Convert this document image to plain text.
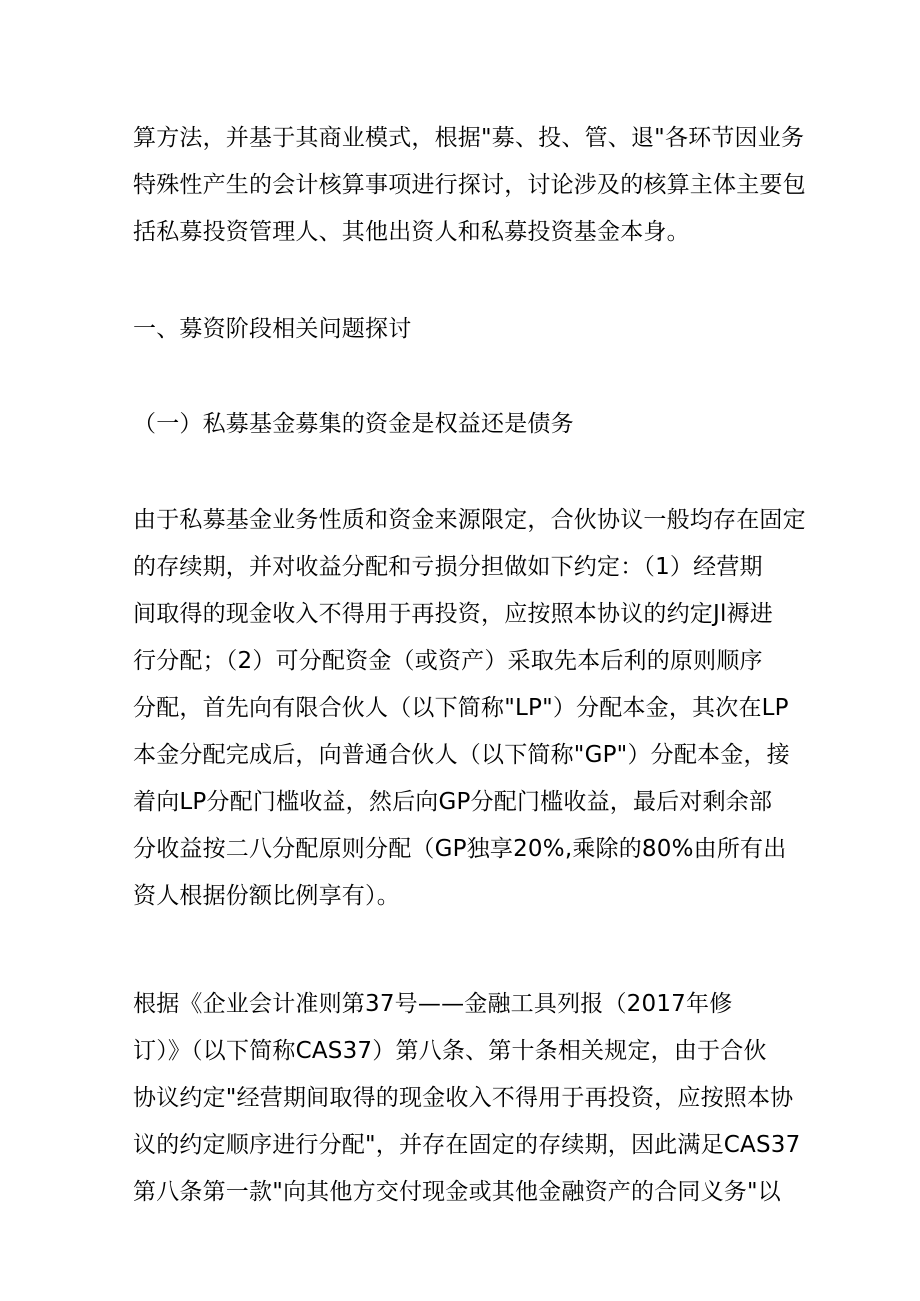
算方法，并基于其商业模式，根据"募、投、管、退"各环节因业务
特殊性产生的会计核算事项进行探讨，讨论涉及的核算主体主要包
括私募投资管理人、其他出资人和私募投资基金本身。
一、募资阶段相关问题探讨
（一）私募基金募集的资金是权益还是债务
由于私募基金业务性质和资金来源限定，合伙协议一般均存在固定
的存续期，并对收益分配和亏损分担做如下约定：（1）经营期
间取得的现金收入不得用于再投资，应按照本协议的约定Jl褥进
行分配；（2）可分配资金（或资产）采取先本后利的原则顺序
分配，首先向有限合伙人（以下简称"LP"）分配本金，其次在LP
本金分配完成后，向普通合伙人（以下简称"GP"）分配本金，接
着向LP分配门槛收益，然后向GP分配门槛收益，最后对剩余部
分收益按二八分配原则分配（GP独享20%,乘除的80%由所有出
资人根据份额比例享有）。
根据《企业会计准则第37号——金融工具列报（2017年修
订）》（以下简称CAS37）第八条、第十条相关规定，由于合伙
协议约定"经营期间取得的现金收入不得用于再投资，应按照本协
议的约定顺序进行分配"，并存在固定的存续期，因此满足CAS37
第八条第一款"向其他方交付现金或其他金融资产的合同义务"以
